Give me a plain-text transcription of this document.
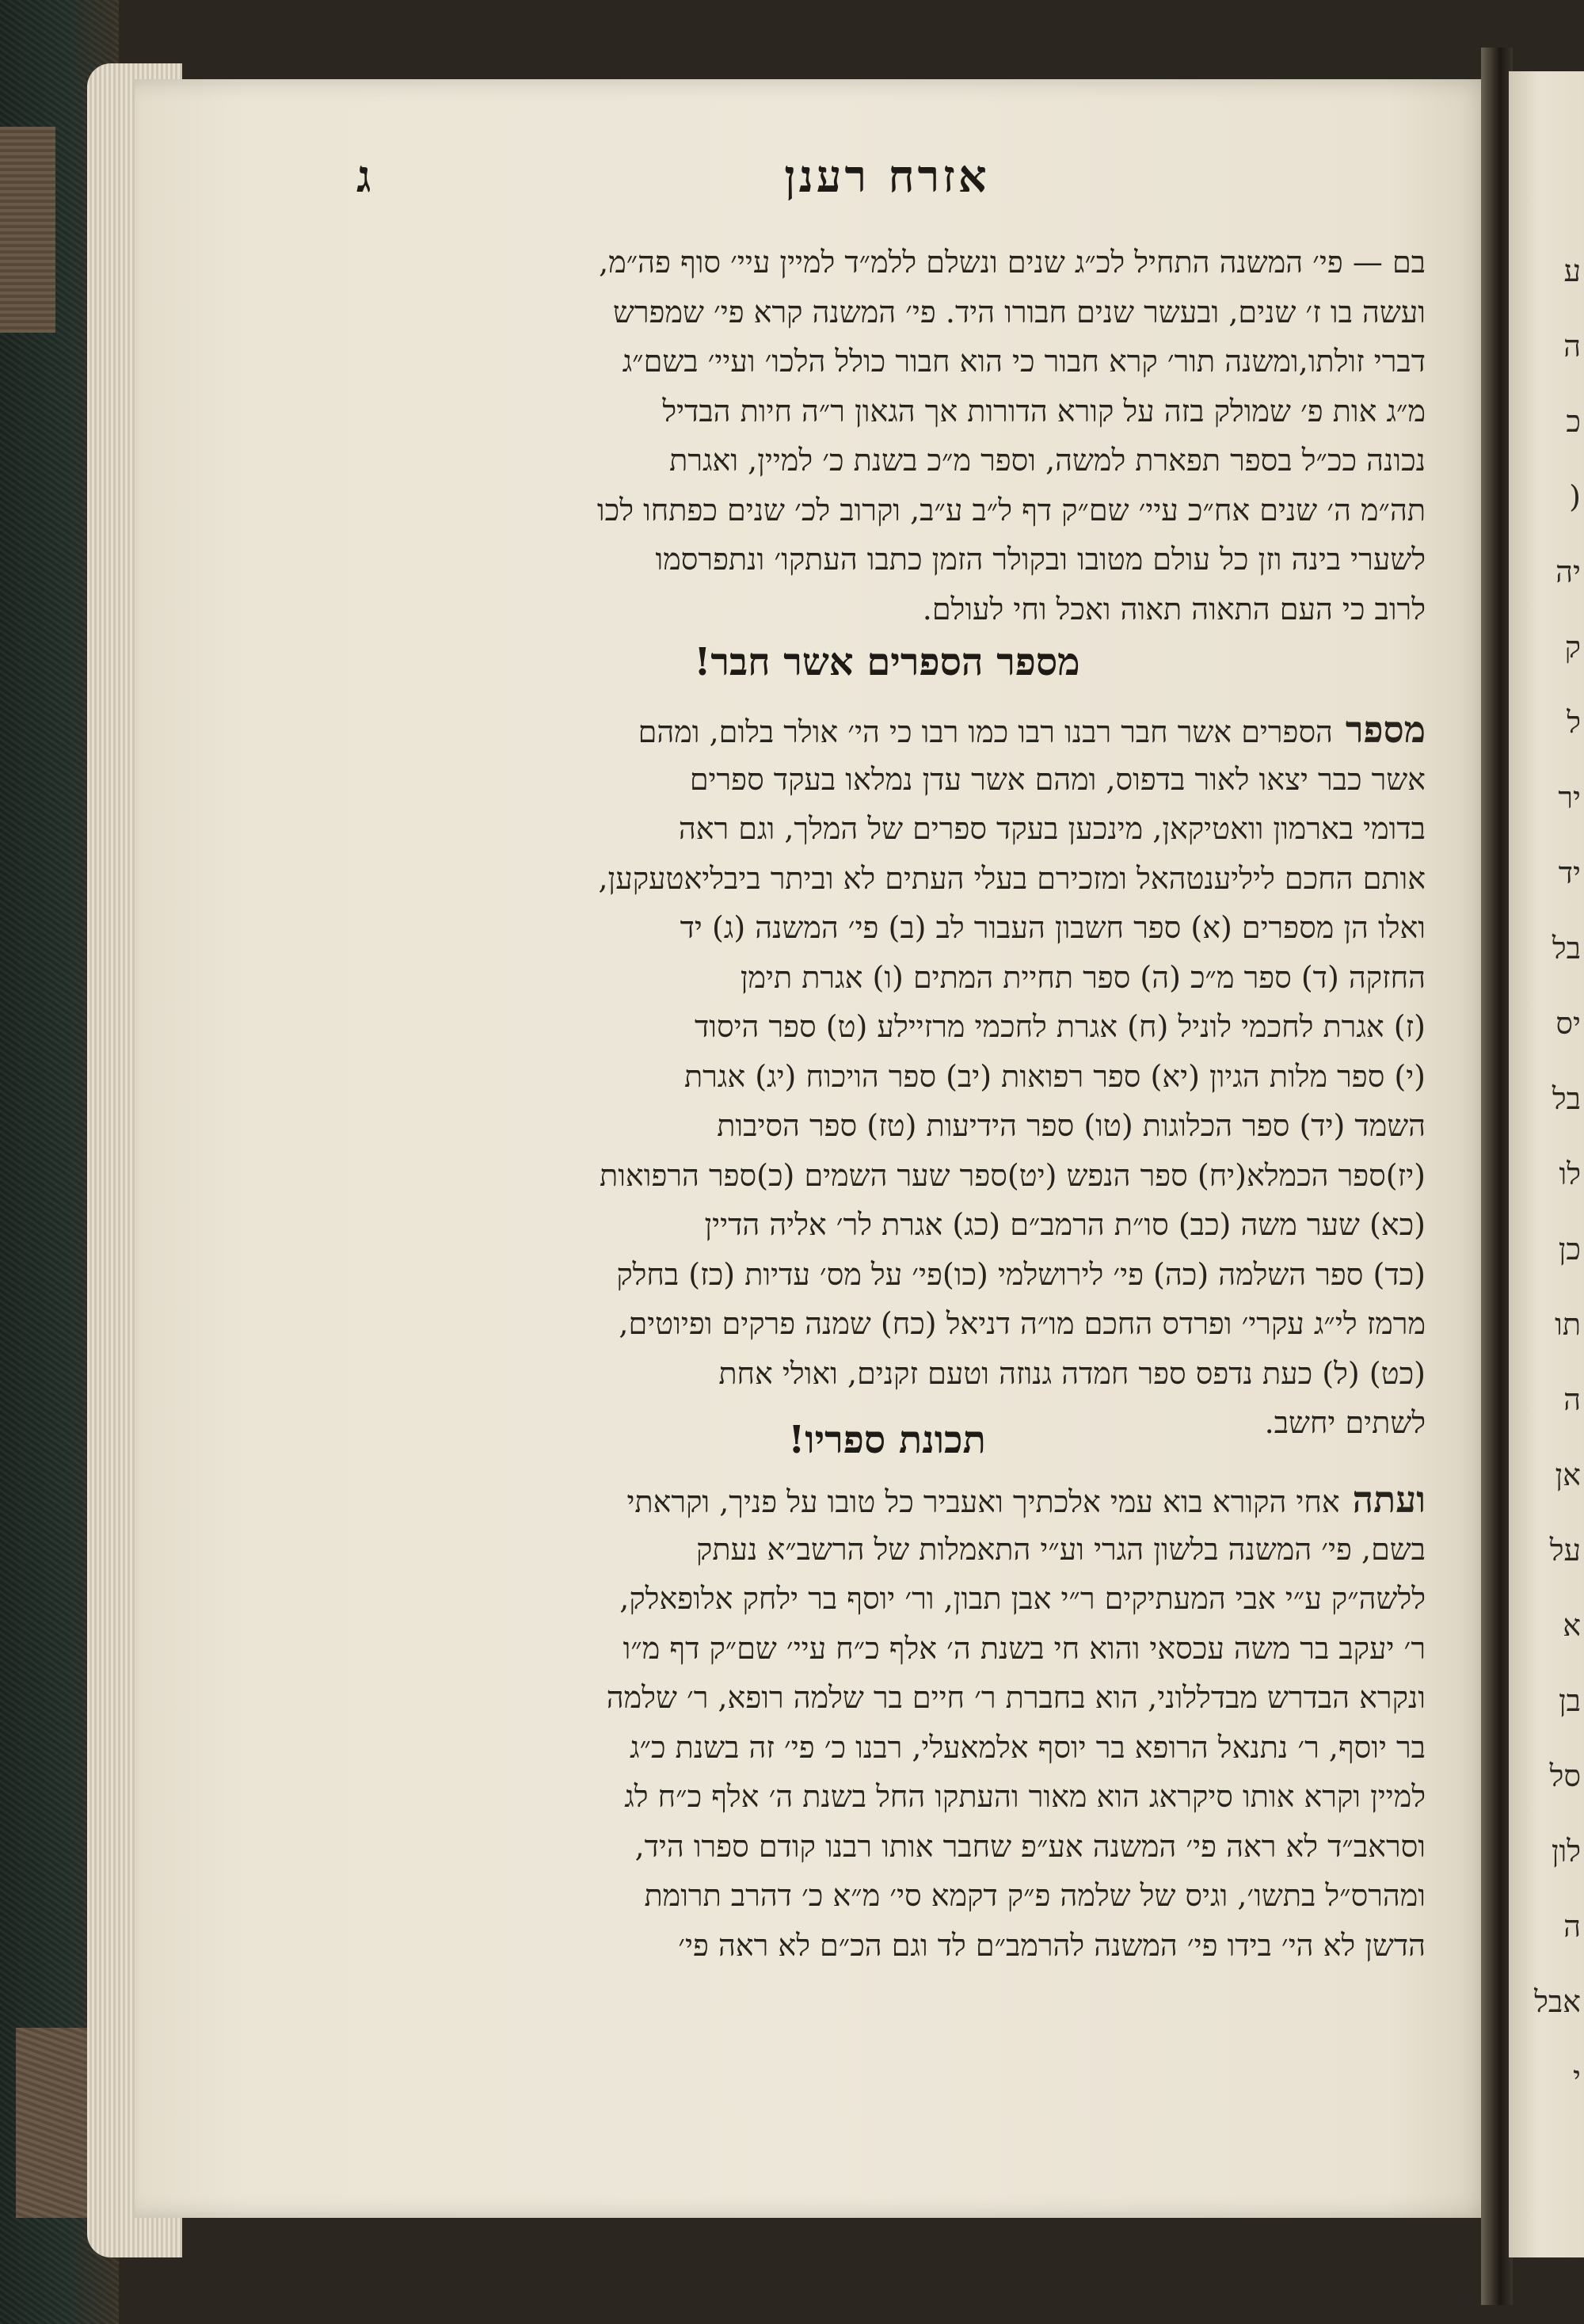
ע
ה
כ
(
יה
ק
ל
יר
יד
בל
יס
בל
לו
כן
תו
ה
אן
על
א
בן
סל
לון
ה
אבל
י
אזרח רענן
ג
בם — פי׳ המשנה התחיל לכ״ג שנים ונשלם ללמ״ד למיין עיי׳ סוף פה״מ,
ועשה בו ז׳ שנים, ובעשר שנים חבורו היד. פי׳ המשנה קרא פי׳ שמפרש
דברי זולתו,ומשנה תור׳ קרא חבור כי הוא חבור כולל הלכו׳ ועיי׳ בשם״ג
מ״ג אות פ׳ שמולק בזה על קורא הדורות אך הגאון ר״ה חיות הבדיל
נכונה ככ״ל בספר תפארת למשה, וספר מ״כ בשנת כ׳ למיין, ואגרת
תה״מ ה׳ שנים אח״כ עיי׳ שם״ק דף ל״ב ע״ב, וקרוב לכ׳ שנים כפתחו לכו
לשערי בינה וזן כל עולם מטובו ובקולר הזמן כתבו העתקו׳ ונתפרסמו
לרוב כי העם התאוה תאוה ואכל וחי לעולם.
מספר הספרים אשר חבר!
מספר הספרים אשר חבר רבנו רבו כמו רבו כי הי׳ אולר בלום, ומהם
אשר כבר יצאו לאור בדפוס, ומהם אשר עדן נמלאו בעקד ספרים
בדומי בארמון וואטיקאן, מינכען בעקד ספרים של המלך, וגם ראה
אותם החכם ליליענטהאל ומזכירם בעלי העתים לא וביתר ביבליאטעקען,
ואלו הן מספרים (א) ספר חשבון העבור לב (ב) פי׳ המשנה (ג) יד
החזקה (ד) ספר מ״כ (ה) ספר תחיית המתים (ו) אגרת תימן
(ז) אגרת לחכמי לוניל (ח) אגרת לחכמי מרזיילע (ט) ספר היסוד
(י) ספר מלות הגיון (יא) ספר רפואות (יב) ספר הויכוח (יג) אגרת
השמד (יד) ספר הכלוגות (טו) ספר הידיעות (טז) ספר הסיבות
(יז)ספר הכמלא(יח) ספר הנפש (יט)ספר שער השמים (כ)ספר הרפואות
(כא) שער משה (כב) סו״ת הרמב״ם (כג) אגרת לר׳ אליה הדיין
(כד) ספר השלמה (כה) פי׳ לירושלמי (כו)פי׳ על מס׳ עדיות (כז) בחלק
מרמז לי״ג עקרי׳ ופרדס החכם מו״ה דניאל (כח) שמנה פרקים ופיוטים,
(כט) (ל) כעת נדפס ספר חמדה גנוזה וטעם זקנים, ואולי אחת
לשתים יחשב.
תכונת ספריו!
ועתה אחי הקורא בוא עמי אלכתיך ואעביר כל טובו על פניך, וקראתי
בשם, פי׳ המשנה בלשון הגרי וע״י התאמלות של הרשב״א נעתק
ללשה״ק ע״י אבי המעתיקים ר״י אבן תבון, ור׳ יוסף בר ילחק אלופאלק,
ר׳ יעקב בר משה עכסאי והוא חי בשנת ה׳ אלף כ״ח עיי׳ שם״ק דף מ״ו
ונקרא הבדרש מבדללוני, הוא בחברת ר׳ חיים בר שלמה רופא, ר׳ שלמה
בר יוסף, ר׳ נתנאל הרופא בר יוסף אלמאעלי, רבנו כ׳ פי׳ זה בשנת כ״ג
למיין וקרא אותו סיקראג הוא מאור והעתקו החל בשנת ה׳ אלף כ״ח לג
וסראב״ד לא ראה פי׳ המשנה אע״פ שחבר אותו רבנו קודם ספרו היד,
ומהרס״ל בתשו׳, וגיס של שלמה פ״ק דקמא סי׳ מ״א כ׳ דהרב תרומת
הדשן לא הי׳ בידו פי׳ המשנה להרמב״ם לד וגם הכ״ם לא ראה פי׳
